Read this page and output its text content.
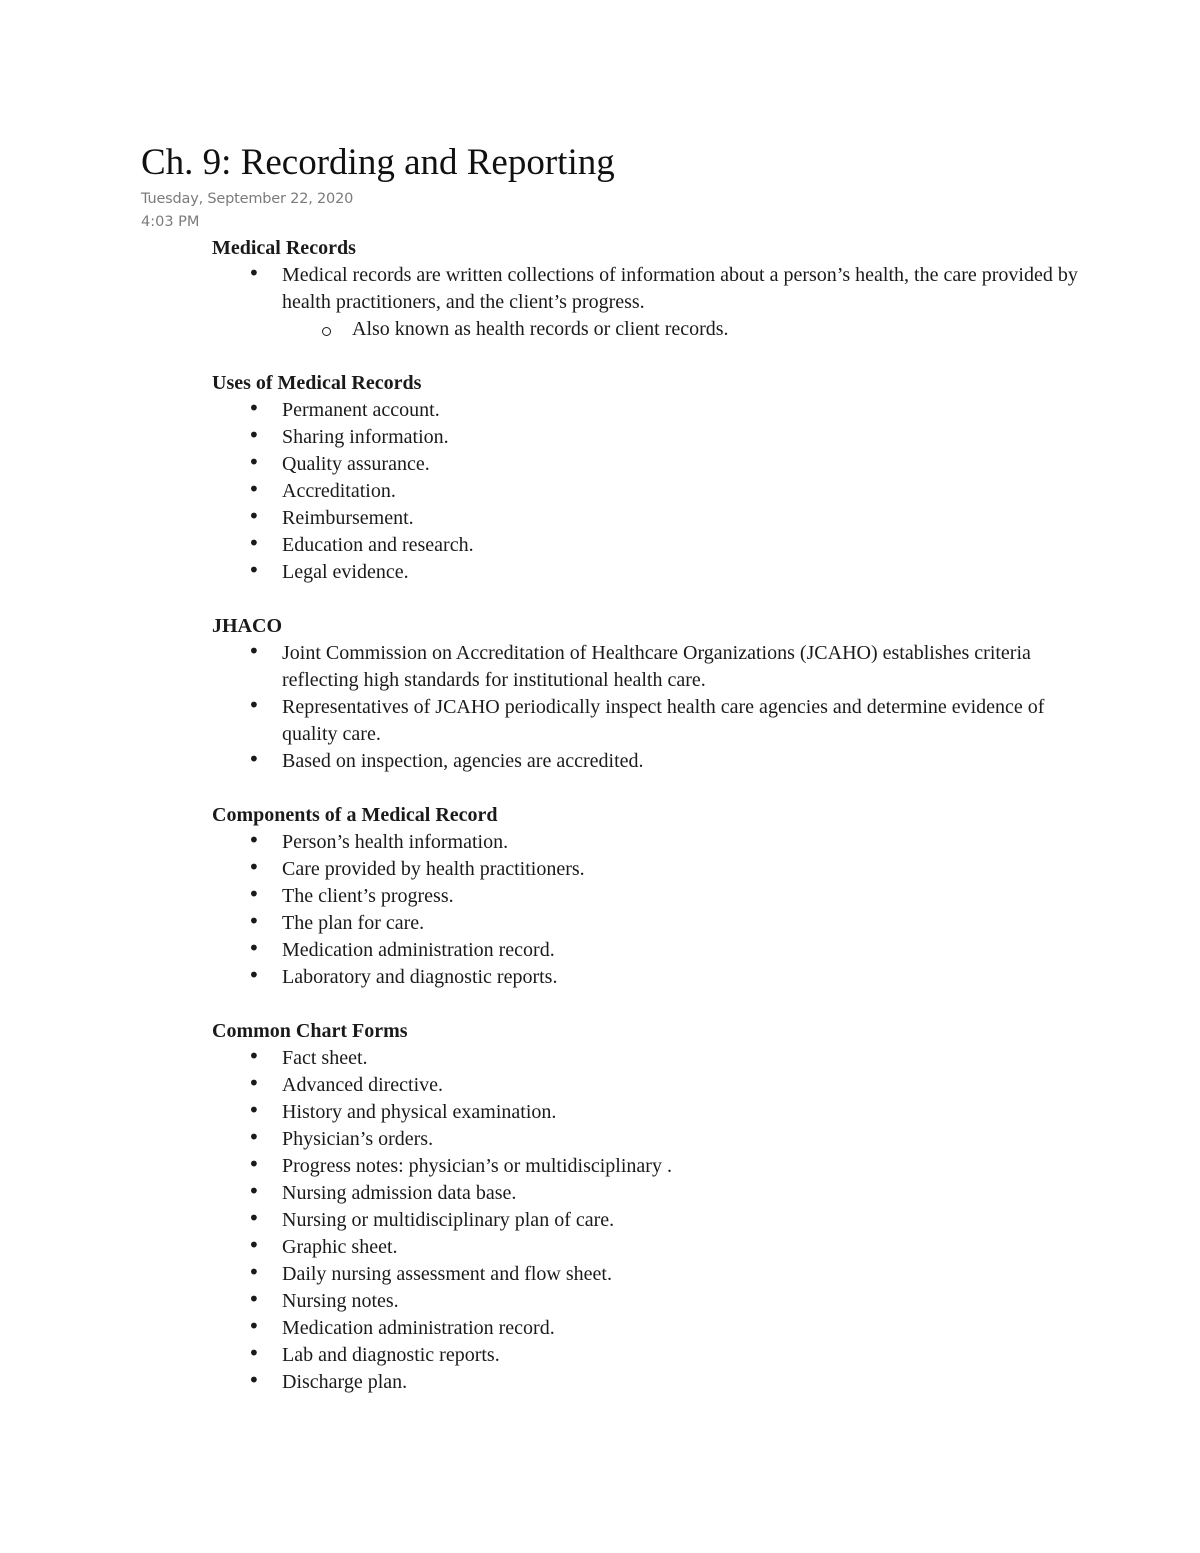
Ch. 9: Recording and Reporting
Tuesday, September 22, 2020
4:03 PM
Medical Records
• Medical records are written collections of information about a person’s health, the care provided by health practitioners, and the client’s progress.
Also known as health records or client records.
Uses of Medical Records
• Permanent account.
• Sharing information.
• Quality assurance.
• Accreditation.
• Reimbursement.
• Education and research.
• Legal evidence.
JHACO
• Joint Commission on Accreditation of Healthcare Organizations (JCAHO) establishes criteria reflecting high standards for institutional health care.
• Representatives of JCAHO periodically inspect health care agencies and determine evidence of quality care.
• Based on inspection, agencies are accredited.
Components of a Medical Record
• Person’s health information.
• Care provided by health practitioners.
• The client’s progress.
• The plan for care.
• Medication administration record.
• Laboratory and diagnostic reports.
Common Chart Forms
• Fact sheet.
• Advanced directive.
• History and physical examination.
• Physician’s orders.
• Progress notes: physician’s or multidisciplinary .
• Nursing admission data base.
• Nursing or multidisciplinary plan of care.
• Graphic sheet.
• Daily nursing assessment and flow sheet.
• Nursing notes.
• Medication administration record.
• Lab and diagnostic reports.
• Discharge plan.
